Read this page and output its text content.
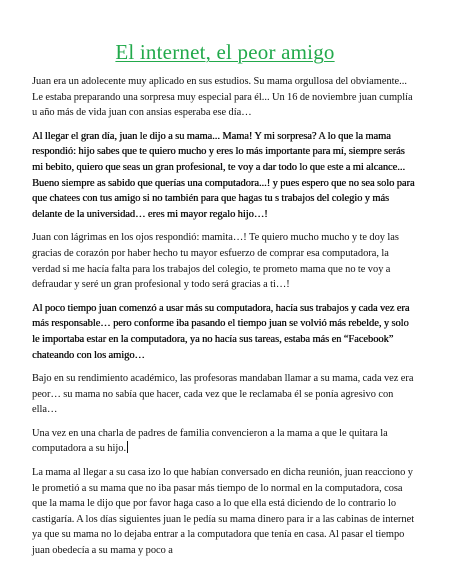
El internet, el peor amigo

Juan era un adolecente muy aplicado en sus estudios. Su mama orgullosa del obviamente... Le estaba preparando una sorpresa muy especial para él... Un 16 de noviembre juan cumplía u año más de vida juan con ansias esperaba ese día…

Al llegar el gran día, juan le dijo a su mama... Mama! Y mi sorpresa? A lo que la mama respondió: hijo sabes que te quiero mucho y eres lo más importante para mí, siempre serás mi bebito, quiero que seas un gran profesional, te voy a dar todo lo que este a mi alcance... Bueno siempre as sabido que querías una computadora...! y pues espero que no sea solo para que chatees con tus amigo si no también para que hagas tu s trabajos del colegio y más delante de la universidad… eres mi mayor regalo hijo…!

Juan con lágrimas en los ojos respondió: mamita…! Te quiero mucho mucho y te doy las gracias de corazón por haber hecho tu mayor esfuerzo de comprar esa computadora, la verdad si me hacía falta para los trabajos del colegio, te prometo mama que no te voy a defraudar y seré un gran profesional y todo será gracias a ti…!

Al poco tiempo juan comenzó a usar más su computadora, hacía sus trabajos y cada vez era más responsable… pero conforme iba pasando el tiempo juan se volvió más rebelde, y solo le importaba estar en la computadora, ya no hacía sus tareas, estaba más en “Facebook” chateando con los amigo…

Bajo en su rendimiento académico, las profesoras mandaban llamar a su mama, cada vez era peor… su mama no sabía que hacer, cada vez que le reclamaba él se ponía agresivo con ella…

Una vez en una charla de padres de familia convencieron a la mama a que le quitara la computadora a su hijo.

La mama al llegar a su casa izo lo que habían conversado en dicha reunión, juan reacciono y le prometió a su mama que no iba pasar más tiempo de lo normal en la computadora, cosa que la mama le dijo que por favor haga caso a lo que ella está diciendo de lo contrario lo castigaría. A los días siguientes juan le pedía su mama dinero para ir a las cabinas de internet ya que su mama no lo dejaba entrar a la computadora que tenía en casa. Al pasar el tiempo juan obedecía a su mama y poco a
